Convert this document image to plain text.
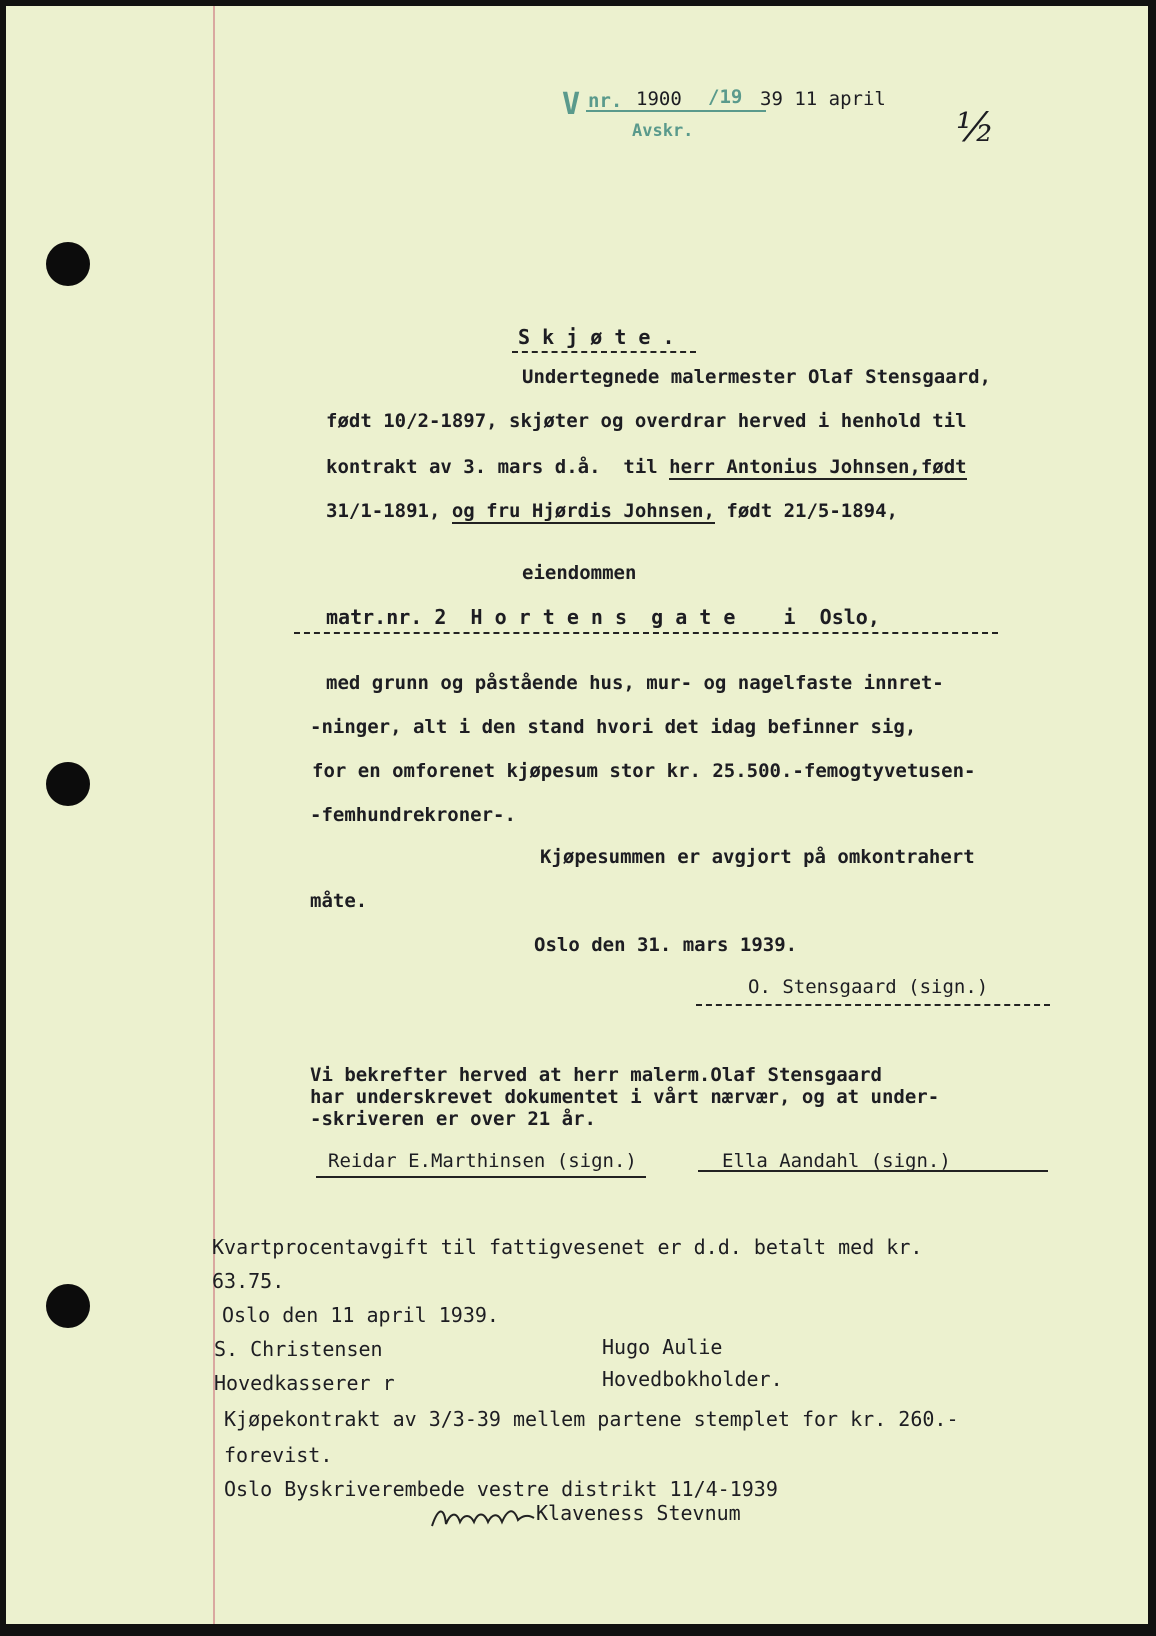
V nr. 1900 /19 39 11 april
Avskr.	½
S k j ø t e .
Undertegnede malermester Olaf Stensgaard,
født 10/2-1897, skjøter og overdrar herved i henhold til
kontrakt av 3. mars d.å.  til herr Antonius Johnsen,født
31/1-1891, og fru Hjørdis Johnsen, født 21/5-1894,
eiendommen
matr.nr. 2  H o r t e n s  g a t e    i  Oslo,
med grunn og påstående hus, mur- og nagelfaste innret-
-ninger, alt i den stand hvori det idag befinner sig,
for en omforenet kjøpesum stor kr. 25.500.-femogtyvetusen-
-femhundrekroner-.
Kjøpesummen er avgjort på omkontrahert
måte.
Oslo den 31. mars 1939.
O. Stensgaard (sign.)
Vi bekrefter herved at herr malerm.Olaf Stensgaard
har underskrevet dokumentet i vårt nærvær, og at under-
-skriveren er over 21 år.
Reidar E.Marthinsen (sign.)	Ella Aandahl (sign.)
Kvartprocentavgift til fattigvesenet er d.d. betalt med kr.
63.75.
Oslo den 11 april 1939.
S. Christensen
Hovedkasserer r
Hugo Aulie
Hovedbokholder.
Kjøpekontrakt av 3/3-39 mellem partene stemplet for kr. 260.-
forevist.
Oslo Byskriverembede vestre distrikt 11/4-1939
Klaveness Stevnum
